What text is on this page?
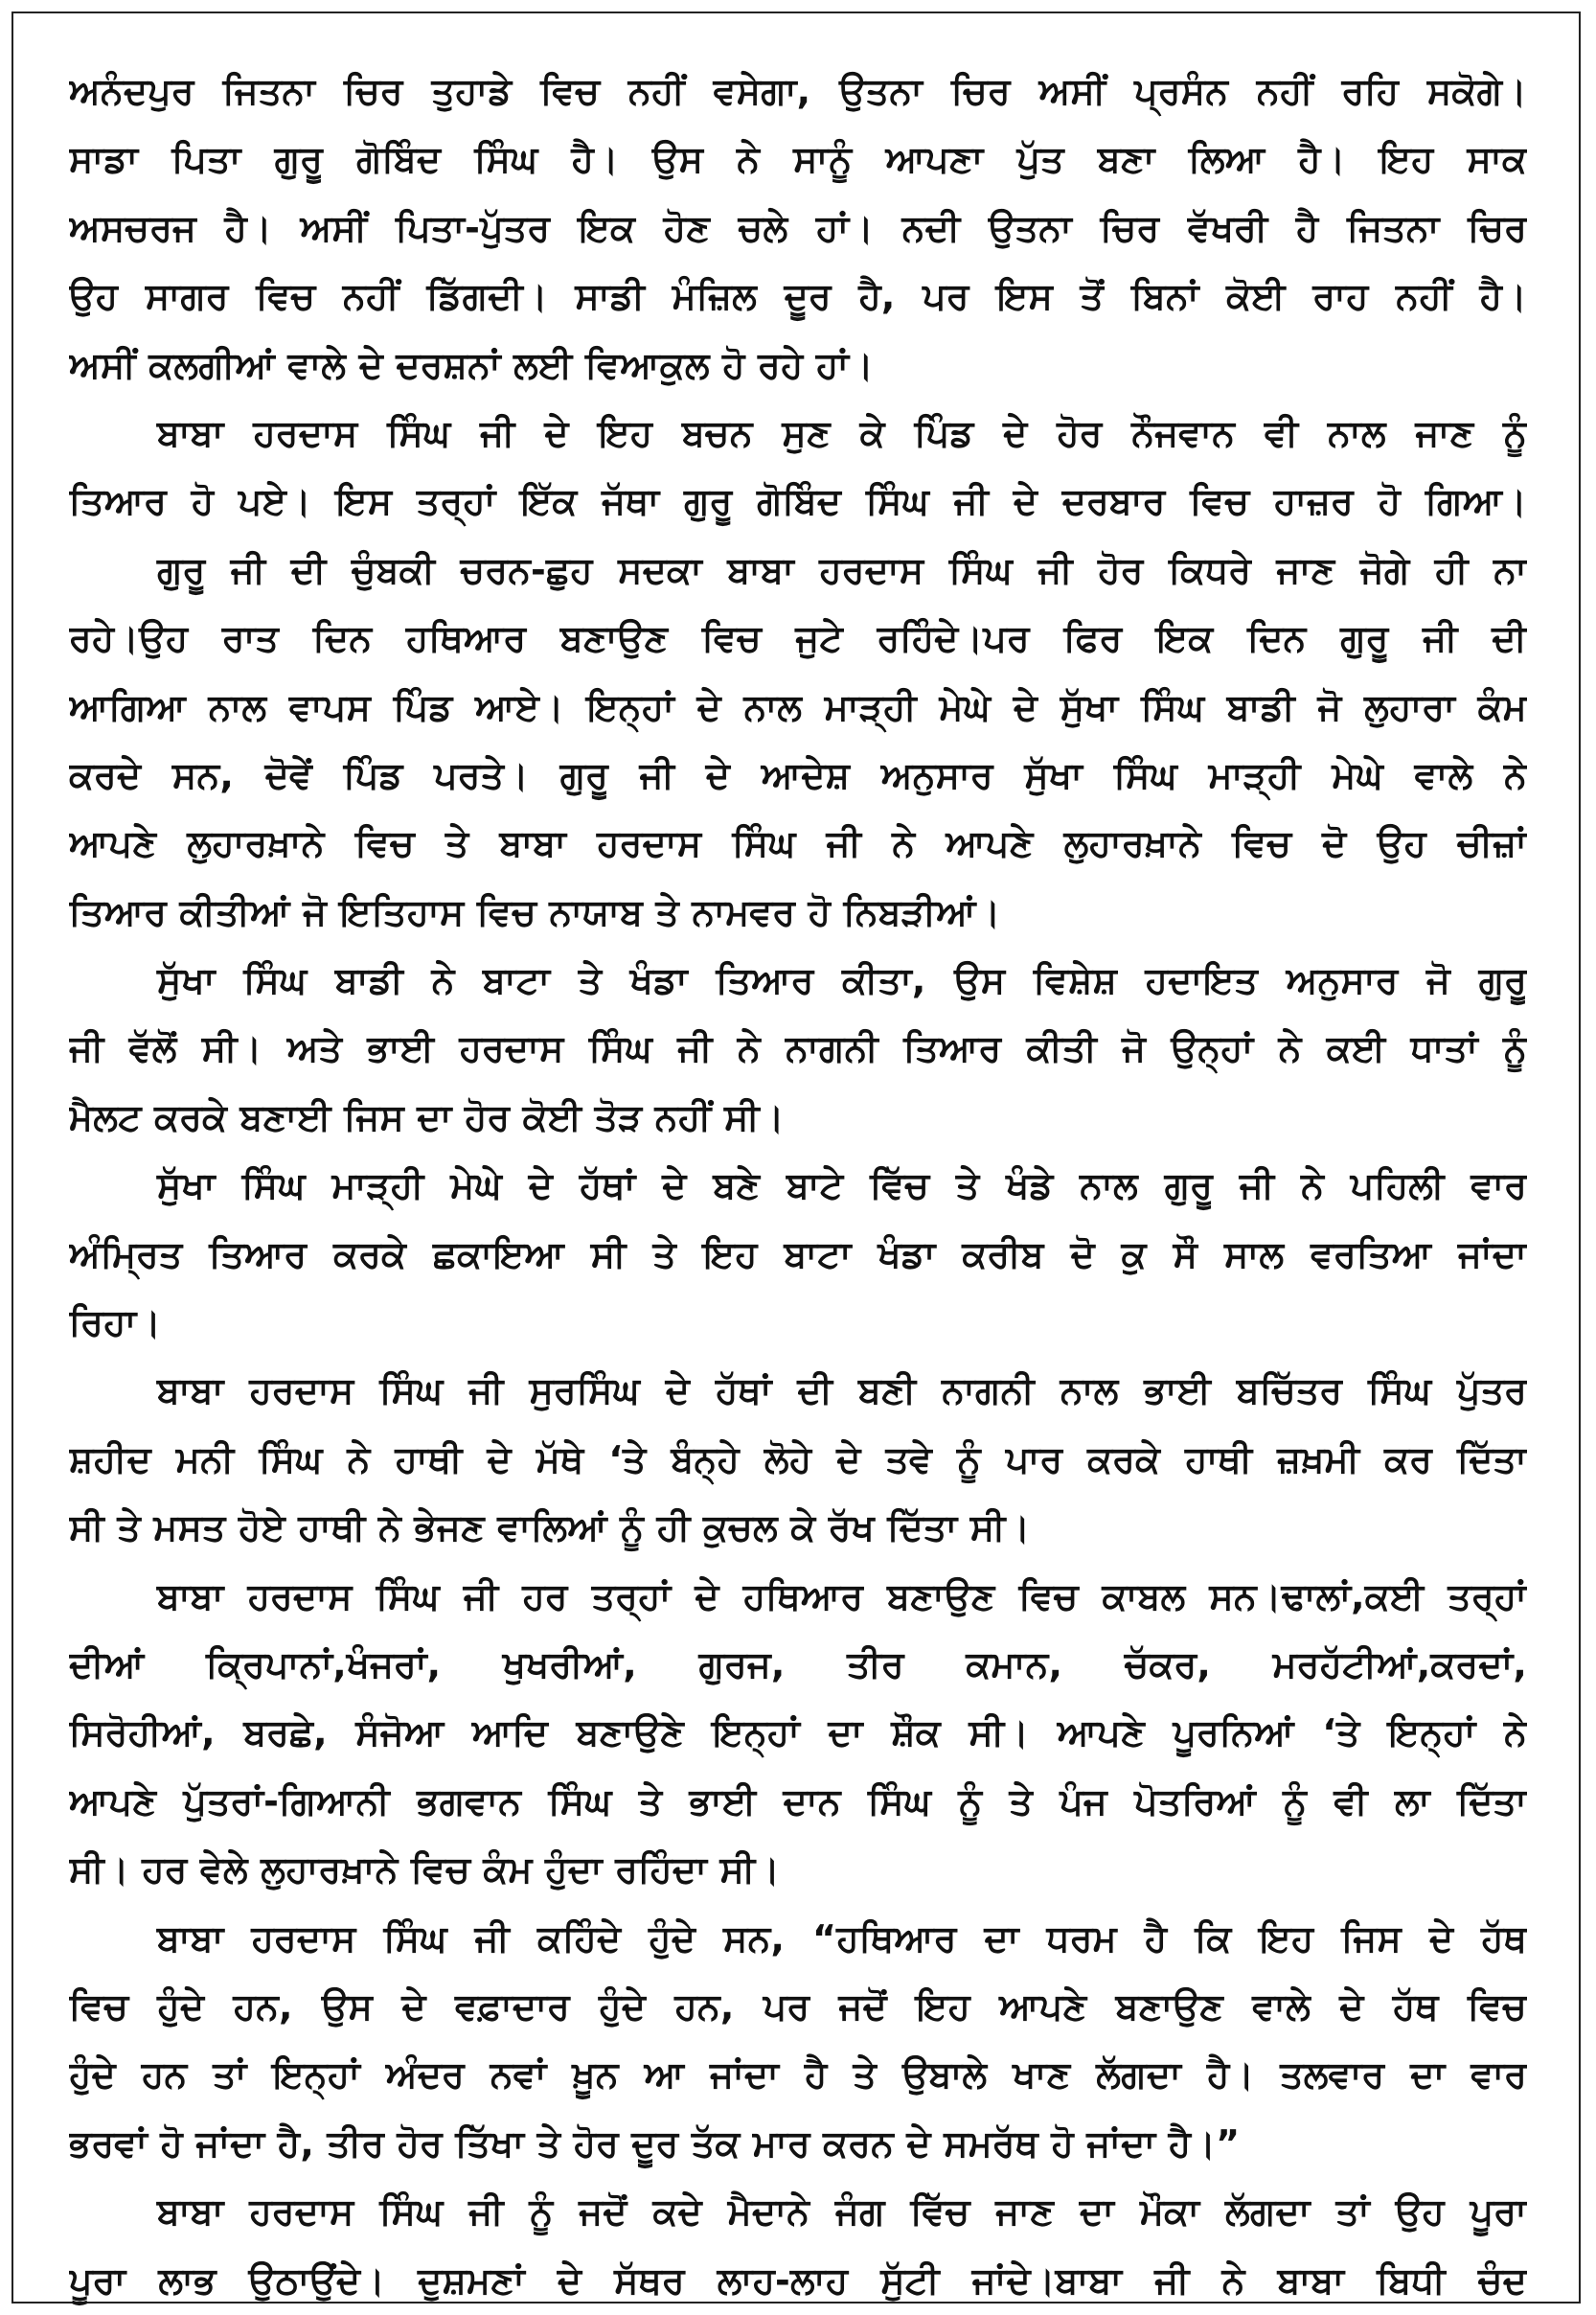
ਅਨੰਦਪੁਰ ਜਿਤਨਾ ਚਿਰ ਤੁਹਾਡੇ ਵਿਚ ਨਹੀਂ ਵਸੇਗਾ, ਉਤਨਾ ਚਿਰ ਅਸੀਂ ਪ੍ਰਸੰਨ ਨਹੀਂ ਰਹਿ ਸਕੋਗੇ।
ਸਾਡਾ ਪਿਤਾ ਗੁਰੂ ਗੋਬਿੰਦ ਸਿੰਘ ਹੈ। ਉਸ ਨੇ ਸਾਨੂੰ ਆਪਣਾ ਪੁੱਤ ਬਣਾ ਲਿਆ ਹੈ। ਇਹ ਸਾਕ
ਅਸਚਰਜ ਹੈ। ਅਸੀਂ ਪਿਤਾ-ਪੁੱਤਰ ਇਕ ਹੋਣ ਚਲੇ ਹਾਂ। ਨਦੀ ਉਤਨਾ ਚਿਰ ਵੱਖਰੀ ਹੈ ਜਿਤਨਾ ਚਿਰ
ਉਹ ਸਾਗਰ ਵਿਚ ਨਹੀਂ ਡਿੱਗਦੀ। ਸਾਡੀ ਮੰਜ਼ਿਲ ਦੂਰ ਹੈ, ਪਰ ਇਸ ਤੋਂ ਬਿਨਾਂ ਕੋਈ ਰਾਹ ਨਹੀਂ ਹੈ।
ਅਸੀਂ ਕਲਗੀਆਂ ਵਾਲੇ ਦੇ ਦਰਸ਼ਨਾਂ ਲਈ ਵਿਆਕੁਲ ਹੋ ਰਹੇ ਹਾਂ।
ਬਾਬਾ ਹਰਦਾਸ ਸਿੰਘ ਜੀ ਦੇ ਇਹ ਬਚਨ ਸੁਣ ਕੇ ਪਿੰਡ ਦੇ ਹੋਰ ਨੌਜਵਾਨ ਵੀ ਨਾਲ ਜਾਣ ਨੂੰ
ਤਿਆਰ ਹੋ ਪਏ। ਇਸ ਤਰ੍ਹਾਂ ਇੱਕ ਜੱਥਾ ਗੁਰੂ ਗੋਬਿੰਦ ਸਿੰਘ ਜੀ ਦੇ ਦਰਬਾਰ ਵਿਚ ਹਾਜ਼ਰ ਹੋ ਗਿਆ।
ਗੁਰੂ ਜੀ ਦੀ ਚੁੰਬਕੀ ਚਰਨ-ਛੁਹ ਸਦਕਾ ਬਾਬਾ ਹਰਦਾਸ ਸਿੰਘ ਜੀ ਹੋਰ ਕਿਧਰੇ ਜਾਣ ਜੋਗੇ ਹੀ ਨਾ
ਰਹੇ।ਉਹ ਰਾਤ ਦਿਨ ਹਥਿਆਰ ਬਣਾਉਣ ਵਿਚ ਜੁਟੇ ਰਹਿੰਦੇ।ਪਰ ਫਿਰ ਇਕ ਦਿਨ ਗੁਰੂ ਜੀ ਦੀ
ਆਗਿਆ ਨਾਲ ਵਾਪਸ ਪਿੰਡ ਆਏ। ਇਨ੍ਹਾਂ ਦੇ ਨਾਲ ਮਾੜ੍ਹੀ ਮੇਘੇ ਦੇ ਸੁੱਖਾ ਸਿੰਘ ਬਾਡੀ ਜੋ ਲੁਹਾਰਾ ਕੰਮ
ਕਰਦੇ ਸਨ, ਦੋਵੇਂ ਪਿੰਡ ਪਰਤੇ। ਗੁਰੂ ਜੀ ਦੇ ਆਦੇਸ਼ ਅਨੁਸਾਰ ਸੁੱਖਾ ਸਿੰਘ ਮਾੜ੍ਹੀ ਮੇਘੇ ਵਾਲੇ ਨੇ
ਆਪਣੇ ਲੁਹਾਰਖ਼ਾਨੇ ਵਿਚ ਤੇ ਬਾਬਾ ਹਰਦਾਸ ਸਿੰਘ ਜੀ ਨੇ ਆਪਣੇ ਲੁਹਾਰਖ਼ਾਨੇ ਵਿਚ ਦੋ ਉਹ ਚੀਜ਼ਾਂ
ਤਿਆਰ ਕੀਤੀਆਂ ਜੋ ਇਤਿਹਾਸ ਵਿਚ ਨਾਯਾਬ ਤੇ ਨਾਮਵਰ ਹੋ ਨਿਬੜੀਆਂ।
ਸੁੱਖਾ ਸਿੰਘ ਬਾਡੀ ਨੇ ਬਾਟਾ ਤੇ ਖੰਡਾ ਤਿਆਰ ਕੀਤਾ, ਉਸ ਵਿਸ਼ੇਸ਼ ਹਦਾਇਤ ਅਨੁਸਾਰ ਜੋ ਗੁਰੂ
ਜੀ ਵੱਲੋਂ ਸੀ। ਅਤੇ ਭਾਈ ਹਰਦਾਸ ਸਿੰਘ ਜੀ ਨੇ ਨਾਗਨੀ ਤਿਆਰ ਕੀਤੀ ਜੋ ਉਨ੍ਹਾਂ ਨੇ ਕਈ ਧਾਤਾਂ ਨੂੰ
ਮੈਲਟ ਕਰਕੇ ਬਣਾਈ ਜਿਸ ਦਾ ਹੋਰ ਕੋਈ ਤੋੜ ਨਹੀਂ ਸੀ।
ਸੁੱਖਾ ਸਿੰਘ ਮਾੜ੍ਹੀ ਮੇਘੇ ਦੇ ਹੱਥਾਂ ਦੇ ਬਣੇ ਬਾਟੇ ਵਿੱਚ ਤੇ ਖੰਡੇ ਨਾਲ ਗੁਰੂ ਜੀ ਨੇ ਪਹਿਲੀ ਵਾਰ
ਅੰਮ੍ਰਿਤ ਤਿਆਰ ਕਰਕੇ ਛਕਾਇਆ ਸੀ ਤੇ ਇਹ ਬਾਟਾ ਖੰਡਾ ਕਰੀਬ ਦੋ ਕੁ ਸੌ ਸਾਲ ਵਰਤਿਆ ਜਾਂਦਾ
ਰਿਹਾ।
ਬਾਬਾ ਹਰਦਾਸ ਸਿੰਘ ਜੀ ਸੁਰਸਿੰਘ ਦੇ ਹੱਥਾਂ ਦੀ ਬਣੀ ਨਾਗਨੀ ਨਾਲ ਭਾਈ ਬਚਿੱਤਰ ਸਿੰਘ ਪੁੱਤਰ
ਸ਼ਹੀਦ ਮਨੀ ਸਿੰਘ ਨੇ ਹਾਥੀ ਦੇ ਮੱਥੇ ‘ਤੇ ਬੰਨ੍ਹੇ ਲੋਹੇ ਦੇ ਤਵੇ ਨੂੰ ਪਾਰ ਕਰਕੇ ਹਾਥੀ ਜ਼ਖ਼ਮੀ ਕਰ ਦਿੱਤਾ
ਸੀ ਤੇ ਮਸਤ ਹੋਏ ਹਾਥੀ ਨੇ ਭੇਜਣ ਵਾਲਿਆਂ ਨੂੰ ਹੀ ਕੁਚਲ ਕੇ ਰੱਖ ਦਿੱਤਾ ਸੀ।
ਬਾਬਾ ਹਰਦਾਸ ਸਿੰਘ ਜੀ ਹਰ ਤਰ੍ਹਾਂ ਦੇ ਹਥਿਆਰ ਬਣਾਉਣ ਵਿਚ ਕਾਬਲ ਸਨ।ਢਾਲਾਂ,ਕਈ ਤਰ੍ਹਾਂ
ਦੀਆਂ ਕ੍ਰਿਪਾਨਾਂ,ਖੰਜਰਾਂ, ਖੁਖਰੀਆਂ, ਗੁਰਜ, ਤੀਰ ਕਮਾਨ, ਚੱਕਰ, ਮਰਹੱਟੀਆਂ,ਕਰਦਾਂ,
ਸਿਰੋਹੀਆਂ, ਬਰਛੇ, ਸੰਜੋਆ ਆਦਿ ਬਣਾਉਣੇ ਇਨ੍ਹਾਂ ਦਾ ਸ਼ੌਕ ਸੀ। ਆਪਣੇ ਪੂਰਨਿਆਂ ‘ਤੇ ਇਨ੍ਹਾਂ ਨੇ
ਆਪਣੇ ਪੁੱਤਰਾਂ-ਗਿਆਨੀ ਭਗਵਾਨ ਸਿੰਘ ਤੇ ਭਾਈ ਦਾਨ ਸਿੰਘ ਨੂੰ ਤੇ ਪੰਜ ਪੋਤਰਿਆਂ ਨੂੰ ਵੀ ਲਾ ਦਿੱਤਾ
ਸੀ। ਹਰ ਵੇਲੇ ਲੁਹਾਰਖ਼ਾਨੇ ਵਿਚ ਕੰਮ ਹੁੰਦਾ ਰਹਿੰਦਾ ਸੀ।
ਬਾਬਾ ਹਰਦਾਸ ਸਿੰਘ ਜੀ ਕਹਿੰਦੇ ਹੁੰਦੇ ਸਨ, “ਹਥਿਆਰ ਦਾ ਧਰਮ ਹੈ ਕਿ ਇਹ ਜਿਸ ਦੇ ਹੱਥ
ਵਿਚ ਹੁੰਦੇ ਹਨ, ਉਸ ਦੇ ਵਫ਼ਾਦਾਰ ਹੁੰਦੇ ਹਨ, ਪਰ ਜਦੋਂ ਇਹ ਆਪਣੇ ਬਣਾਉਣ ਵਾਲੇ ਦੇ ਹੱਥ ਵਿਚ
ਹੁੰਦੇ ਹਨ ਤਾਂ ਇਨ੍ਹਾਂ ਅੰਦਰ ਨਵਾਂ ਖ਼ੂਨ ਆ ਜਾਂਦਾ ਹੈ ਤੇ ਉਬਾਲੇ ਖਾਣ ਲੱਗਦਾ ਹੈ। ਤਲਵਾਰ ਦਾ ਵਾਰ
ਭਰਵਾਂ ਹੋ ਜਾਂਦਾ ਹੈ, ਤੀਰ ਹੋਰ ਤਿੱਖਾ ਤੇ ਹੋਰ ਦੂਰ ਤੱਕ ਮਾਰ ਕਰਨ ਦੇ ਸਮਰੱਥ ਹੋ ਜਾਂਦਾ ਹੈ।”
ਬਾਬਾ ਹਰਦਾਸ ਸਿੰਘ ਜੀ ਨੂੰ ਜਦੋਂ ਕਦੇ ਮੈਦਾਨੇ ਜੰਗ ਵਿੱਚ ਜਾਣ ਦਾ ਮੌਕਾ ਲੱਗਦਾ ਤਾਂ ਉਹ ਪੂਰਾ
ਪੂਰਾ ਲਾਭ ਉਠਾਉਂਦੇ। ਦੁਸ਼ਮਣਾਂ ਦੇ ਸੱਥਰ ਲਾਹ-ਲਾਹ ਸੁੱਟੀ ਜਾਂਦੇ।ਬਾਬਾ ਜੀ ਨੇ ਬਾਬਾ ਬਿਧੀ ਚੰਦ
